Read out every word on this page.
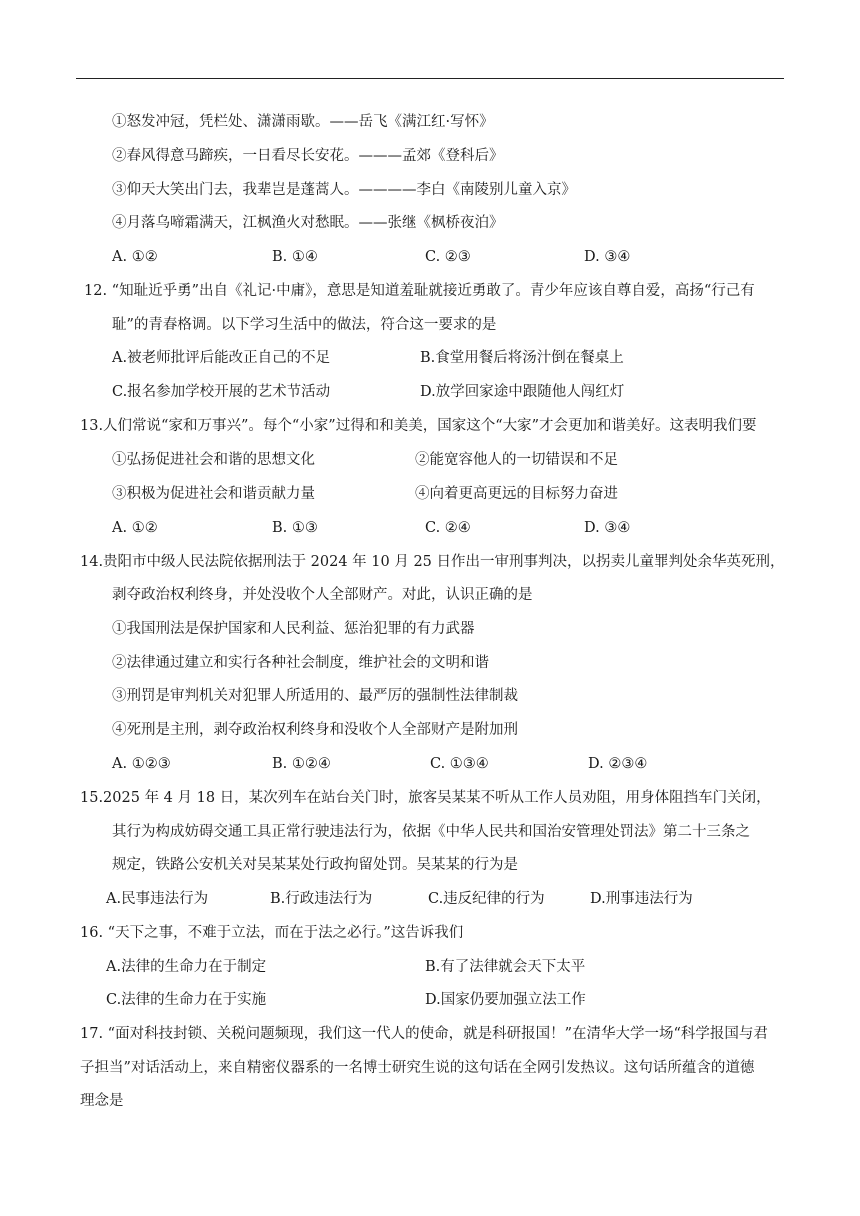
①怒发冲冠，凭栏处、潇潇雨歇。——岳飞《满江红·写怀》
②春风得意马蹄疾，一日看尽长安花。———孟郊《登科后》
③仰天大笑出门去，我辈岂是蓬蒿人。————李白《南陵别儿童入京》
④月落乌啼霜满天，江枫渔火对愁眠。——张继《枫桥夜泊》
A. ①②	B. ①④	C. ②③	D. ③④
12. “知耻近乎勇”出自《礼记·中庸》，意思是知道羞耻就接近勇敢了。青少年应该自尊自爱，高扬“行己有
耻”的青春格调。以下学习生活中的做法，符合这一要求的是
A.被老师批评后能改正自己的不足	B.食堂用餐后将汤汁倒在餐桌上
C.报名参加学校开展的艺术节活动	D.放学回家途中跟随他人闯红灯
13.人们常说“家和万事兴”。每个“小家”过得和和美美，国家这个“大家”才会更加和谐美好。这表明我们要
①弘扬促进社会和谐的思想文化	②能宽容他人的一切错误和不足
③积极为促进社会和谐贡献力量	④向着更高更远的目标努力奋进
A. ①②	B. ①③	C. ②④	D. ③④
14.贵阳市中级人民法院依据刑法于 2024 年 10 月 25 日作出一审刑事判决，以拐卖儿童罪判处余华英死刑，
剥夺政治权利终身，并处没收个人全部财产。对此，认识正确的是
①我国刑法是保护国家和人民利益、惩治犯罪的有力武器
②法律通过建立和实行各种社会制度，维护社会的文明和谐
③刑罚是审判机关对犯罪人所适用的、最严厉的强制性法律制裁
④死刑是主刑，剥夺政治权利终身和没收个人全部财产是附加刑
A. ①②③	B. ①②④	C. ①③④	D. ②③④
15.2025 年 4 月 18 日，某次列车在站台关门时，旅客吴某某不听从工作人员劝阻，用身体阻挡车门关闭，
其行为构成妨碍交通工具正常行驶违法行为，依据《中华人民共和国治安管理处罚法》第二十三条之
规定，铁路公安机关对吴某某处行政拘留处罚。吴某某的行为是
A.民事违法行为	B.行政违法行为	C.违反纪律的行为	D.刑事违法行为
16. “天下之事，不难于立法，而在于法之必行。”这告诉我们
A.法律的生命力在于制定	B.有了法律就会天下太平
C.法律的生命力在于实施	D.国家仍要加强立法工作
17. “面对科技封锁、关税问题频现，我们这一代人的使命，就是科研报国！”在清华大学一场“科学报国与君
子担当”对话活动上，来自精密仪器系的一名博士研究生说的这句话在全网引发热议。这句话所蕴含的道德
理念是
